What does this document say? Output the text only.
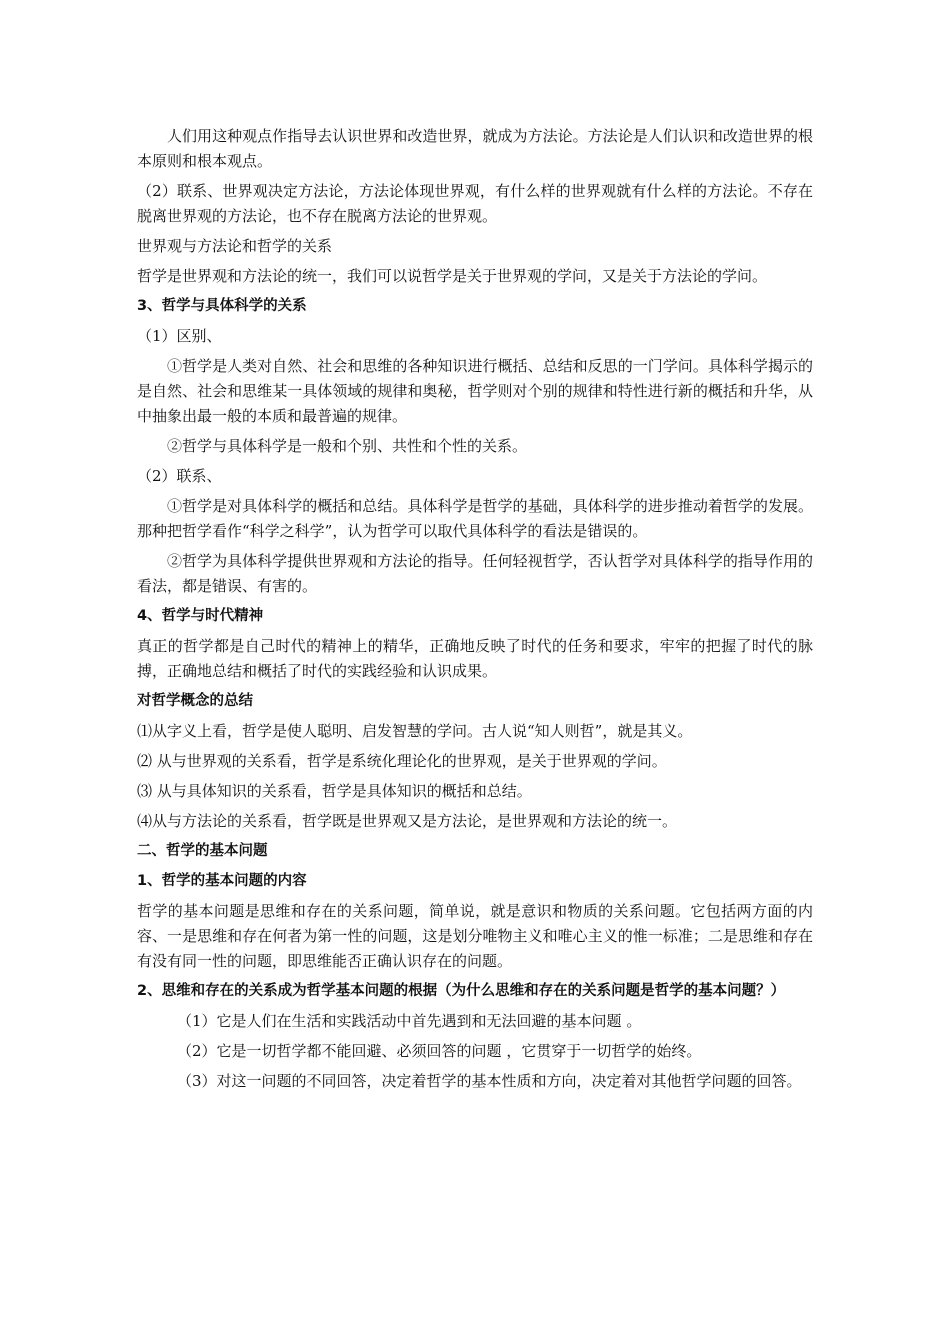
人们用这种观点作指导去认识世界和改造世界，就成为方法论。方法论是人们认识和改造世界的根本原则和根本观点。

（2）联系、世界观决定方法论，方法论体现世界观，有什么样的世界观就有什么样的方法论。不存在脱离世界观的方法论，也不存在脱离方法论的世界观。

世界观与方法论和哲学的关系

哲学是世界观和方法论的统一，我们可以说哲学是关于世界观的学问，又是关于方法论的学问。

3、哲学与具体科学的关系

（1）区别、

①哲学是人类对自然、社会和思维的各种知识进行概括、总结和反思的一门学问。具体科学揭示的是自然、社会和思维某一具体领域的规律和奥秘，哲学则对个别的规律和特性进行新的概括和升华，从中抽象出最一般的本质和最普遍的规律。

②哲学与具体科学是一般和个别、共性和个性的关系。

（2）联系、

①哲学是对具体科学的概括和总结。具体科学是哲学的基础，具体科学的进步推动着哲学的发展。那种把哲学看作“科学之科学”，认为哲学可以取代具体科学的看法是错误的。

②哲学为具体科学提供世界观和方法论的指导。任何轻视哲学，否认哲学对具体科学的指导作用的看法，都是错误、有害的。

4、哲学与时代精神

真正的哲学都是自己时代的精神上的精华，正确地反映了时代的任务和要求，牢牢的把握了时代的脉搏，正确地总结和概括了时代的实践经验和认识成果。

对哲学概念的总结

⑴从字义上看，哲学是使人聪明、启发智慧的学问。古人说“知人则哲”，就是其义。

⑵ 从与世界观的关系看，哲学是系统化理论化的世界观，是关于世界观的学问。

⑶ 从与具体知识的关系看，哲学是具体知识的概括和总结。

⑷从与方法论的关系看，哲学既是世界观又是方法论，是世界观和方法论的统一。

二、哲学的基本问题

1、哲学的基本问题的内容

哲学的基本问题是思维和存在的关系问题，简单说，就是意识和物质的关系问题。它包括两方面的内容、一是思维和存在何者为第一性的问题，这是划分唯物主义和唯心主义的惟一标准；二是思维和存在有没有同一性的问题，即思维能否正确认识存在的问题。

2、思维和存在的关系成为哲学基本问题的根据（为什么思维和存在的关系问题是哲学的基本问题？）

（1）它是人们在生活和实践活动中首先遇到和无法回避的基本问题 。

（2）它是一切哲学都不能回避、必须回答的问题 ，它贯穿于一切哲学的始终。

（3）对这一问题的不同回答，决定着哲学的基本性质和方向，决定着对其他哲学问题的回答。
